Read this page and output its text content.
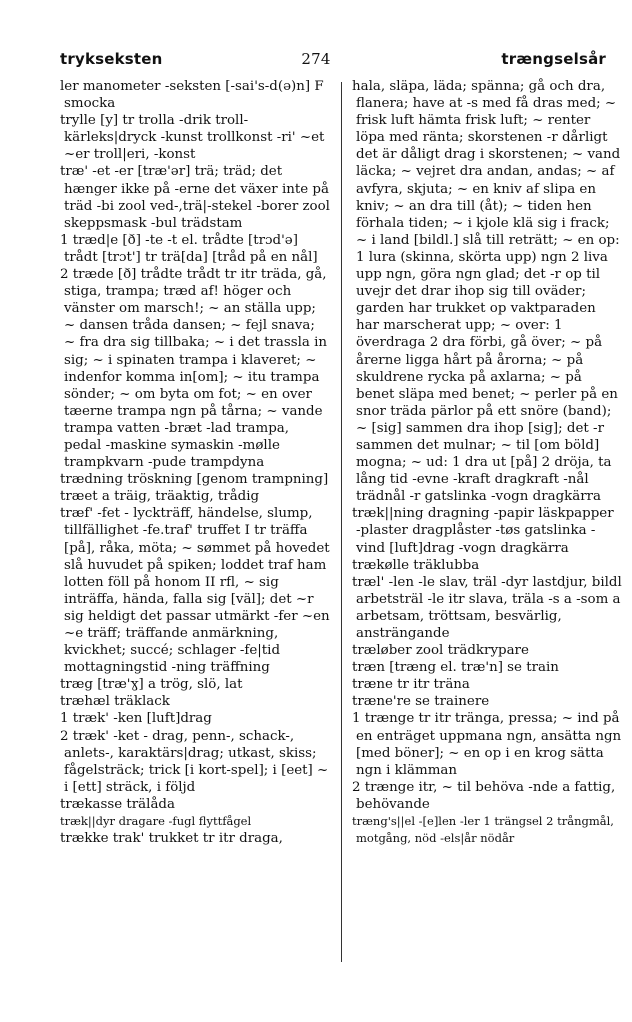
274
trykseksten	trængselsår

ler manometer -seksten [-sai's-d(ə)n] F smocka

trylle [y] tr trolla -drik troll-kärleks|dryck -kunst trollkonst -ri' ~et ~er troll|eri, -konst

træ' -et -er [træ'ər] trä; träd; det hænger ikke på -erne det växer inte på träd -bi zool ved-,trä|-stekel -borer zool skeppsmask -bul trädstam

1 træd|e [ð] -te -t el. trådte [trɔd'ə] trådt [trɔt'] tr trä[da] [tråd på en nål]

2 træde [ð] trådte trådt tr itr träda, gå, stiga, trampa; træd af! höger och vänster om marsch!; ~ an ställa upp; ~ dansen tråda dansen; ~ fejl snava; ~ fra dra sig tillbaka; ~ i det trassla in sig; ~ i spinaten trampa i klaveret; ~ indenfor komma in[om]; ~ itu trampa sönder; ~ om byta om fot; ~ en over tæerne trampa ngn på tårna; ~ vande trampa vatten -bræt -lad trampa, pedal -maskine symaskin -mølle trampkvarn -pude trampdyna

trædning tröskning [genom trampning]

træet a träig, träaktig, trådig

træf' -fet - lyckträff, händelse, slump, tillfällighet -fe.traf' truffet I tr träffa [på], råka, möta; ~ sømmet på hovedet slå huvudet på spiken; loddet traf ham lotten föll på honom II rfl, ~ sig inträffa, hända, falla sig [väl]; det ~r sig heldigt det passar utmärkt -fer ~en ~e träff; träffande anmärkning, kvickhet; succé; schlager -fe|tid mottagningstid -ning träffning

træg [træ'ɣ] a trög, slö, lat

træhæl träklack

1 træk' -ken [luft]drag

2 træk' -ket - drag, penn-, schack-, anlets-, karaktärs|drag; utkast, skiss; fågelsträck; trick [i kort-spel]; i [eet] ~ i [ett] sträck, i följd

trækasse trälåda

træk||dyr dragare -fugl flyttfågel

trække trak' trukket tr itr draga,

hala, släpa, läda; spänna; gå och dra, flanera; have at -s med få dras med; ~ frisk luft hämta frisk luft; ~ renter löpa med ränta; skorstenen -r dårligt det är dåligt drag i skorstenen; ~ vand läcka; ~ vejret dra andan, andas; ~ af avfyra, skjuta; ~ en kniv af slipa en kniv; ~ an dra till (åt); ~ tiden hen förhala tiden; ~ i kjole klä sig i frack; ~ i land [bildl.] slå till reträtt; ~ en op: 1 lura (skinna, skörta upp) ngn 2 liva upp ngn, göra ngn glad; det -r op til uvejr det drar ihop sig till oväder; garden har trukket op vaktparaden har marscherat upp; ~ over: 1 överdraga 2 dra förbi, gå över; ~ på årerne ligga hårt på årorna; ~ på skuldrene rycka på axlarna; ~ på benet släpa med benet; ~ perler på en snor träda pärlor på ett snöre (band); ~ [sig] sammen dra ihop [sig]; det -r sammen det mulnar; ~ til [om böld] mogna; ~ ud: 1 dra ut [på] 2 dröja, ta lång tid -evne -kraft dragkraft -nål trädnål -r gatslinka -vogn dragkärra

træk||ning dragning -papir läskpapper -plaster dragplåster -tøs gatslinka -vind [luft]drag -vogn dragkärra

trækølle träklubba

træl' -len -le slav, träl -dyr lastdjur, bildl arbetsträl -le itr slava, träla -s a -som a arbetsam, tröttsam, besvärlig, ansträngande

træløber zool trädkrypare

træn [træng el. træ'n] se train

træne tr itr träna

træne're se trainere

1 trænge tr itr tränga, pressa; ~ ind på en enträget uppmana ngn, ansätta ngn [med böner]; ~ en op i en krog sätta ngn i klämman

2 trænge itr, ~ til behöva -nde a fattig, behövande

træng's||el -[e]len -ler 1 trängsel 2 trångmål, motgång, nöd -els|år nödår
